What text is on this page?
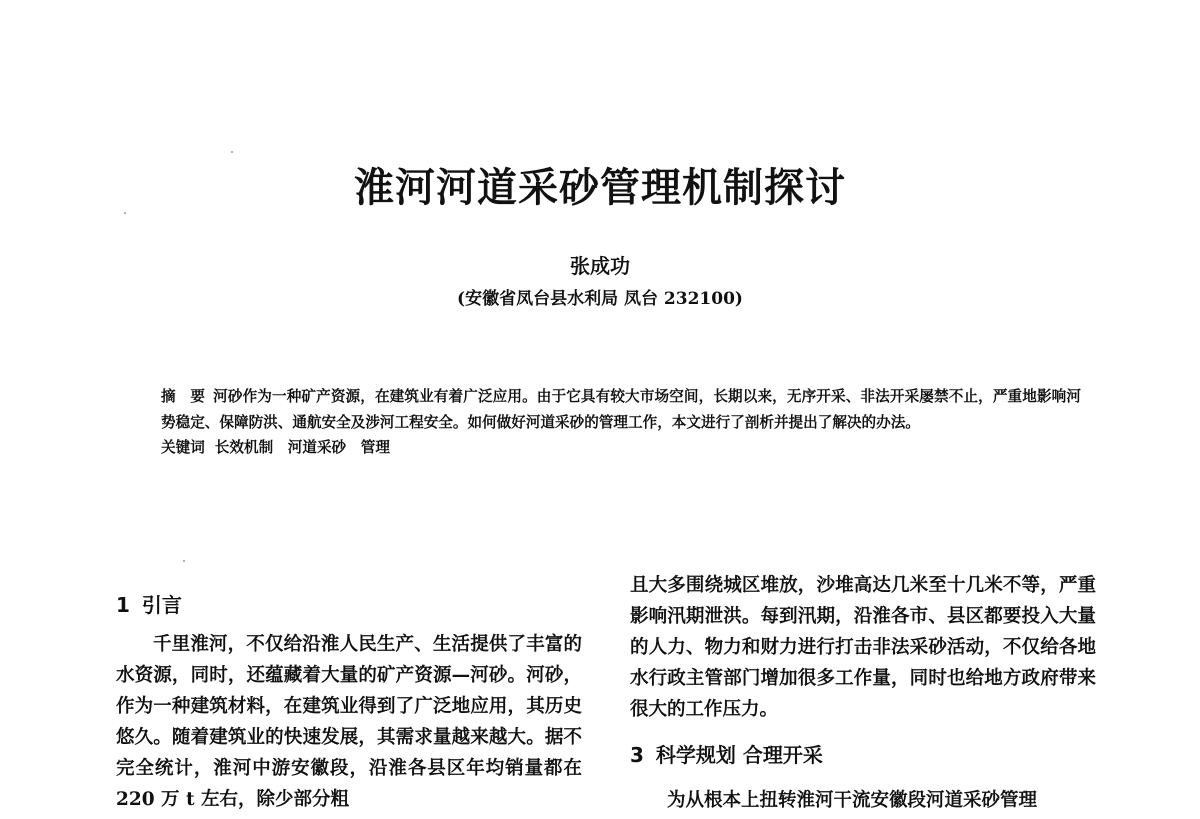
淮河河道采砂管理机制探讨
张成功
(安徽省凤台县水利局 凤台 232100)

摘　要 河砂作为一种矿产资源，在建筑业有着广泛应用。由于它具有较大市场空间，长期以来，无序开采、非法开采屡禁不止，严重地影响河势稳定、保障防洪、通航安全及涉河工程安全。如何做好河道采砂的管理工作，本文进行了剖析并提出了解决的办法。

关键词 长效机制　河道采砂　管理

1 引言

千里淮河，不仅给沿淮人民生产、生活提供了丰富的水资源，同时，还蕴藏着大量的矿产资源—河砂。河砂，作为一种建筑材料，在建筑业得到了广泛地应用，其历史悠久。随着建筑业的快速发展，其需求量越来越大。据不完全统计，淮河中游安徽段，沿淮各县区年均销量都在 220 万 t 左右，除少部分粗

且大多围绕城区堆放，沙堆高达几米至十几米不等，严重影响汛期泄洪。每到汛期，沿淮各市、县区都要投入大量的人力、物力和财力进行打击非法采砂活动，不仅给各地水行政主管部门增加很多工作量，同时也给地方政府带来很大的工作压力。

3 科学规划 合理开采

为从根本上扭转淮河干流安徽段河道采砂管理
